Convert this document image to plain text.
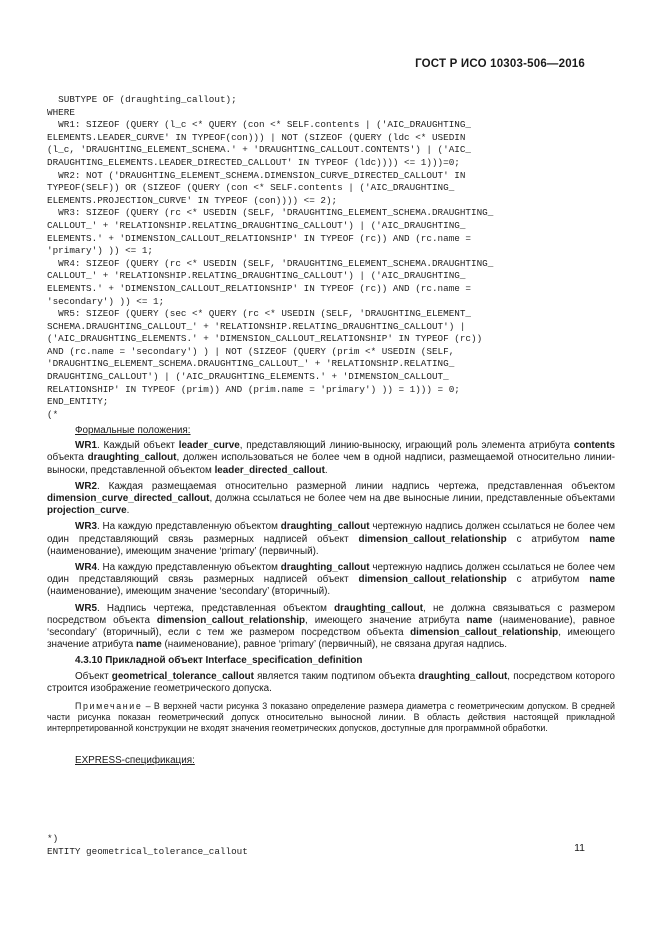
ГОСТ Р ИСО 10303-506—2016
SUBTYPE OF (draughting_callout);
WHERE
WR1: SIZEOF (QUERY (l_c <* QUERY (con <* SELF.contents | ('AIC_DRAUGHTING_
ELEMENTS.LEADER_CURVE' IN TYPEOF(con))) | NOT (SIZEOF (QUERY (ldc <* USEDIN
(l_c, 'DRAUGHTING_ELEMENT_SCHEMA.' + 'DRAUGHTING_CALLOUT.CONTENTS') | ('AIC_
DRAUGHTING_ELEMENTS.LEADER_DIRECTED_CALLOUT' IN TYPEOF (ldc)))) <= 1)))=0;
WR2: NOT ('DRAUGHTING_ELEMENT_SCHEMA.DIMENSION_CURVE_DIRECTED_CALLOUT' IN
TYPEOF(SELF)) OR (SIZEOF (QUERY (con <* SELF.contents | ('AIC_DRAUGHTING_
ELEMENTS.PROJECTION_CURVE' IN TYPEOF (con)))) <= 2);
WR3: SIZEOF (QUERY (rc <* USEDIN (SELF, 'DRAUGHTING_ELEMENT_SCHEMA.DRAUGHTING_
CALLOUT_' + 'RELATIONSHIP.RELATING_DRAUGHTING_CALLOUT') | ('AIC_DRAUGHTING_
ELEMENTS.' + 'DIMENSION_CALLOUT_RELATIONSHIP' IN TYPEOF (rc)) AND (rc.name =
'primary') )) <= 1;
WR4: SIZEOF (QUERY (rc <* USEDIN (SELF, 'DRAUGHTING_ELEMENT_SCHEMA.DRAUGHTING_
CALLOUT_' + 'RELATIONSHIP.RELATING_DRAUGHTING_CALLOUT') | ('AIC_DRAUGHTING_
ELEMENTS.' + 'DIMENSION_CALLOUT_RELATIONSHIP' IN TYPEOF (rc)) AND (rc.name =
'secondary') )) <= 1;
WR5: SIZEOF (QUERY (sec <* QUERY (rc <* USEDIN (SELF, 'DRAUGHTING_ELEMENT_
SCHEMA.DRAUGHTING_CALLOUT_' + 'RELATIONSHIP.RELATING_DRAUGHTING_CALLOUT') |
('AIC_DRAUGHTING_ELEMENTS.' + 'DIMENSION_CALLOUT_RELATIONSHIP' IN TYPEOF (rc))
AND (rc.name = 'secondary') ) | NOT (SIZEOF (QUERY (prim <* USEDIN (SELF,
'DRAUGHTING_ELEMENT_SCHEMA.DRAUGHTING_CALLOUT_' + 'RELATIONSHIP.RELATING_
DRAUGHTING_CALLOUT') | ('AIC_DRAUGHTING_ELEMENTS.' + 'DIMENSION_CALLOUT_
RELATIONSHIP' IN TYPEOF (prim)) AND (prim.name = 'primary') )) = 1))) = 0;
END_ENTITY;
(*

Формальные положения:

WR1. Каждый объект leader_curve, представляющий линию-выноску, играющий роль элемента атрибута contents объекта draughting_callout, должен использоваться не более чем в одной надписи, размещаемой относительно линии-выноски, представленной объектом leader_directed_callout.

WR2. Каждая размещаемая относительно размерной линии надпись чертежа, представленная объектом dimension_curve_directed_callout, должна ссылаться не более чем на две выносные линии, представленные объектами projection_curve.

WR3. На каждую представленную объектом draughting_callout чертежную надпись должен ссылаться не более чем один представляющий связь размерных надписей объект dimension_callout_relationship с атрибутом name (наименование), имеющим значение ‘primary’ (первичный).

WR4. На каждую представленную объектом draughting_callout чертежную надпись должен ссылаться не более чем один представляющий связь размерных надписей объект dimension_callout_relationship с атрибутом name (наименование), имеющим значение ‘secondary’ (вторичный).

WR5. Надпись чертежа, представленная объектом draughting_callout, не должна связываться с размером посредством объекта dimension_callout_relationship, имеющего значение атрибута name (наименование), равное ‘secondary’ (вторичный), если с тем же размером посредством объекта dimension_callout_relationship, имеющего значение атрибута name (наименование), равное ‘primary’ (первичный), не связана другая надпись.

4.3.10 Прикладной объект Interface_specification_definition

Объект geometrical_tolerance_callout является таким подтипом объекта draughting_callout, посредством которого строится изображение геометрического допуска.

Примечание – В верхней части рисунка 3 показано определение размера диаметра с геометрическим допуском. В средней части рисунка показан геометрический допуск относительно выносной линии. В область действия настоящей прикладной интерпретированной конструкции не входят значения геометрических допусков, доступные для программной обработки.

EXPRESS-спецификация:

*)
ENTITY geometrical_tolerance_callout	11
